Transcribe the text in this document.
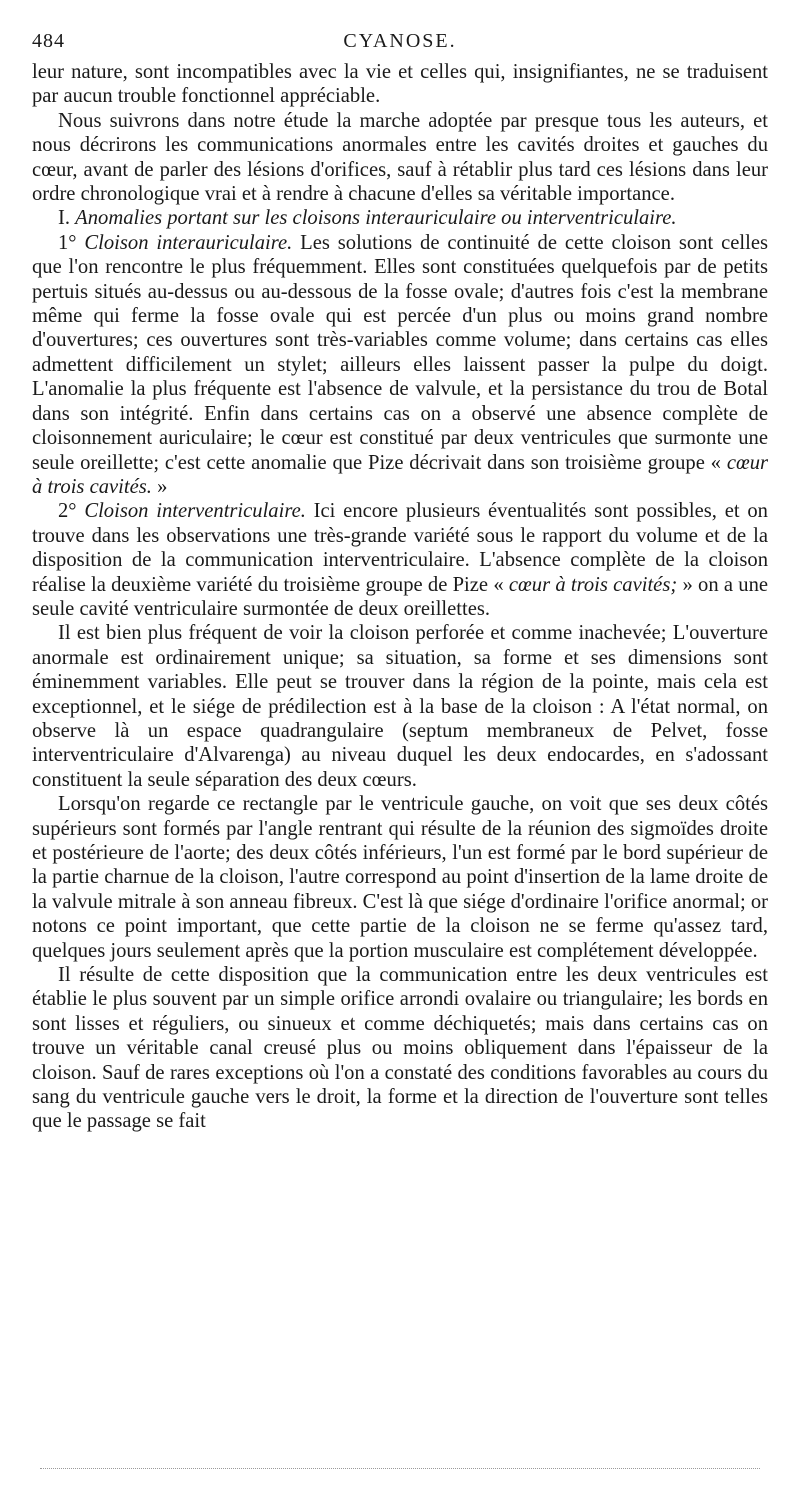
484	CYANOSE.

leur nature, sont incompatibles avec la vie et celles qui, insignifiantes, ne se traduisent par aucun trouble fonctionnel appréciable.

Nous suivrons dans notre étude la marche adoptée par presque tous les auteurs, et nous décrirons les communications anormales entre les cavités droites et gauches du cœur, avant de parler des lésions d'orifices, sauf à rétablir plus tard ces lésions dans leur ordre chronologique vrai et à rendre à chacune d'elles sa véritable importance.

I. Anomalies portant sur les cloisons interauriculaire ou interventriculaire.

1° Cloison interauriculaire. Les solutions de continuité de cette cloison sont celles que l'on rencontre le plus fréquemment. Elles sont constituées quelquefois par de petits pertuis situés au-dessus ou au-dessous de la fosse ovale; d'autres fois c'est la membrane même qui ferme la fosse ovale qui est percée d'un plus ou moins grand nombre d'ouvertures; ces ouvertures sont très-variables comme volume; dans certains cas elles admettent difficilement un stylet; ailleurs elles laissent passer la pulpe du doigt. L'anomalie la plus fréquente est l'absence de valvule, et la persistance du trou de Botal dans son intégrité. Enfin dans certains cas on a observé une absence complète de cloisonnement auriculaire; le cœur est constitué par deux ventricules que surmonte une seule oreillette; c'est cette anomalie que Pize décrivait dans son troisième groupe « cœur à trois cavités. »

2° Cloison interventriculaire. Ici encore plusieurs éventualités sont possibles, et on trouve dans les observations une très-grande variété sous le rapport du volume et de la disposition de la communication interventriculaire. L'absence complète de la cloison réalise la deuxième variété du troisième groupe de Pize « cœur à trois cavités; » on a une seule cavité ventriculaire surmontée de deux oreillettes.

Il est bien plus fréquent de voir la cloison perforée et comme inachevée; L'ouverture anormale est ordinairement unique; sa situation, sa forme et ses dimensions sont éminemment variables. Elle peut se trouver dans la région de la pointe, mais cela est exceptionnel, et le siége de prédilection est à la base de la cloison : A l'état normal, on observe là un espace quadrangulaire (septum membraneux de Pelvet, fosse interventriculaire d'Alvarenga) au niveau duquel les deux endocardes, en s'adossant constituent la seule séparation des deux cœurs.

Lorsqu'on regarde ce rectangle par le ventricule gauche, on voit que ses deux côtés supérieurs sont formés par l'angle rentrant qui résulte de la réunion des sigmoïdes droite et postérieure de l'aorte; des deux côtés inférieurs, l'un est formé par le bord supérieur de la partie charnue de la cloison, l'autre correspond au point d'insertion de la lame droite de la valvule mitrale à son anneau fibreux. C'est là que siége d'ordinaire l'orifice anormal; or notons ce point important, que cette partie de la cloison ne se ferme qu'assez tard, quelques jours seulement après que la portion musculaire est complétement développée.

Il résulte de cette disposition que la communication entre les deux ventricules est établie le plus souvent par un simple orifice arrondi ovalaire ou triangulaire; les bords en sont lisses et réguliers, ou sinueux et comme déchiquetés; mais dans certains cas on trouve un véritable canal creusé plus ou moins obliquement dans l'épaisseur de la cloison. Sauf de rares exceptions où l'on a constaté des conditions favorables au cours du sang du ventricule gauche vers le droit, la forme et la direction de l'ouverture sont telles que le passage se fait
